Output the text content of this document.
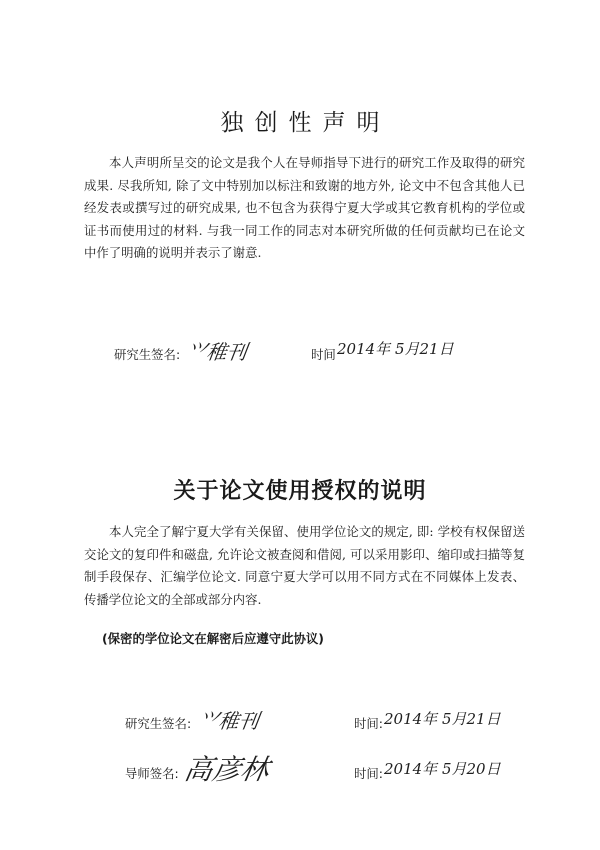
独创性声明
本人声明所呈交的论文是我个人在导师指导下进行的研究工作及取得的研究成果. 尽我所知, 除了文中特别加以标注和致谢的地方外, 论文中不包含其他人已经发表或撰写过的研究成果, 也不包含为获得宁夏大学或其它教育机构的学位或证书而使用过的材料. 与我一同工作的同志对本研究所做的任何贡献均已在论文中作了明确的说明并表示了谢意.
研究生签名: ⺍稚刊	时间 2014年 5月21日
关于论文使用授权的说明
本人完全了解宁夏大学有关保留、使用学位论文的规定, 即: 学校有权保留送交论文的复印件和磁盘, 允许论文被查阅和借阅, 可以采用影印、缩印或扫描等复制手段保存、汇编学位论文. 同意宁夏大学可以用不同方式在不同媒体上发表、传播学位论文的全部或部分内容.
(保密的学位论文在解密后应遵守此协议)
研究生签名: ⺍稚刊	时间: 2014年 5月21日
导师签名: 高彦林	时间: 2014年 5月20日
